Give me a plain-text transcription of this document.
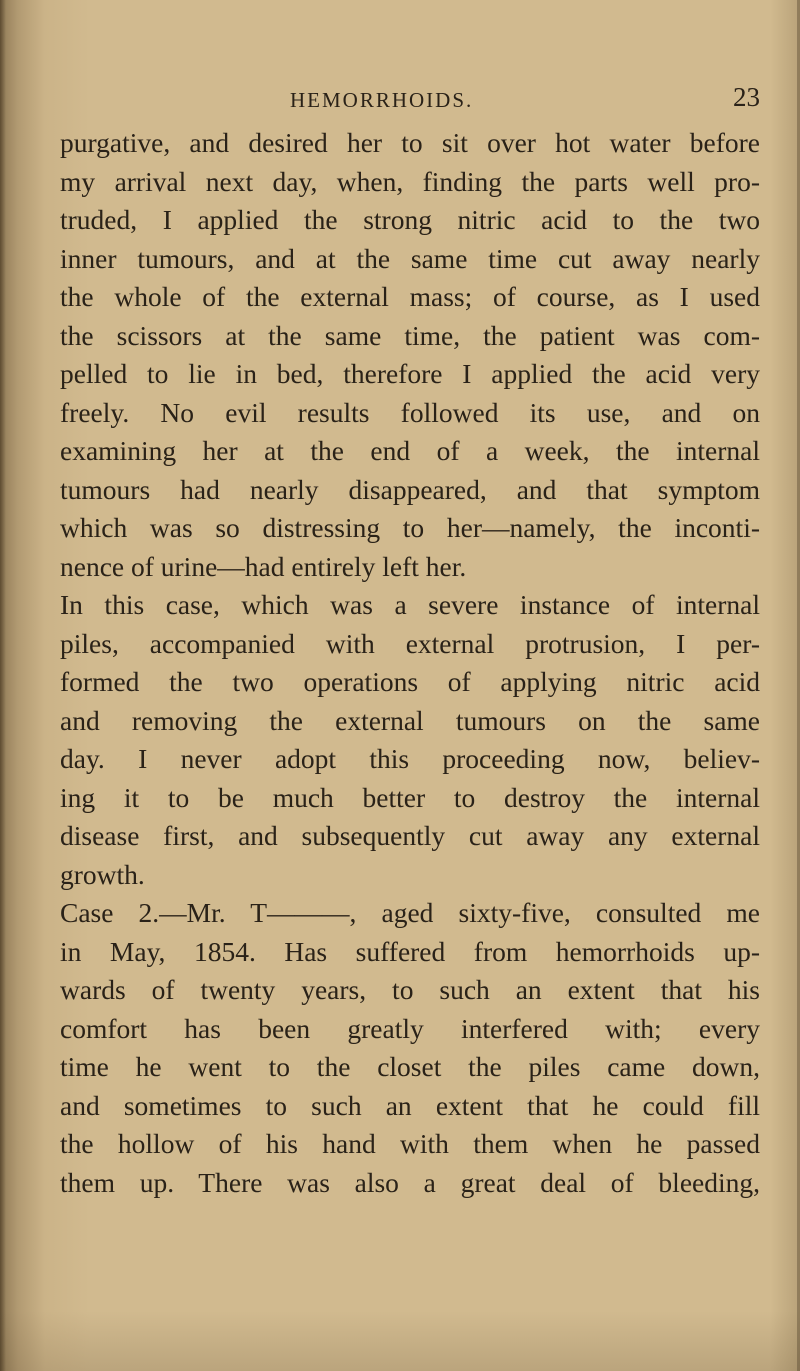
HEMORRHOIDS.	23
purgative, and desired her to sit over hot water before
my arrival next day, when, finding the parts well pro-
truded, I applied the strong nitric acid to the two
inner tumours, and at the same time cut away nearly
the whole of the external mass; of course, as I used
the scissors at the same time, the patient was com-
pelled to lie in bed, therefore I applied the acid very
freely. No evil results followed its use, and on
examining her at the end of a week, the internal
tumours had nearly disappeared, and that symptom
which was so distressing to her—namely, the inconti-
nence of urine—had entirely left her.
In this case, which was a severe instance of internal
piles, accompanied with external protrusion, I per-
formed the two operations of applying nitric acid
and removing the external tumours on the same
day. I never adopt this proceeding now, believ-
ing it to be much better to destroy the internal
disease first, and subsequently cut away any external
growth.
Case 2.—Mr. T———, aged sixty-five, consulted me
in May, 1854. Has suffered from hemorrhoids up-
wards of twenty years, to such an extent that his
comfort has been greatly interfered with; every
time he went to the closet the piles came down,
and sometimes to such an extent that he could fill
the hollow of his hand with them when he passed
them up. There was also a great deal of bleeding,
